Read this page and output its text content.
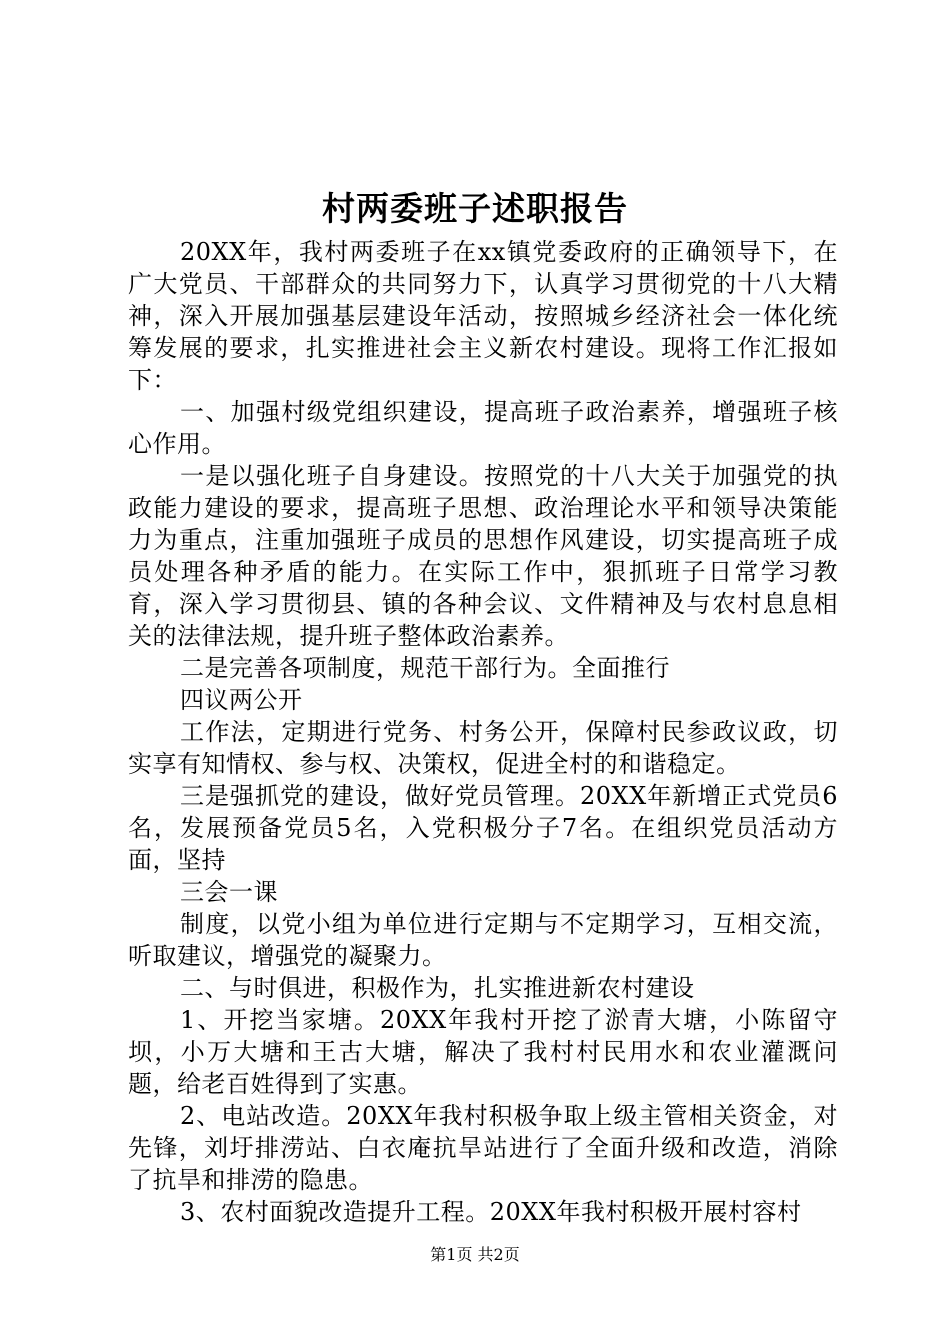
村两委班子述职报告

20XX年，我村两委班子在xx镇党委政府的正确领导下，在广大党员、干部群众的共同努力下，认真学习贯彻党的十八大精神，深入开展加强基层建设年活动，按照城乡经济社会一体化统筹发展的要求，扎实推进社会主义新农村建设。现将工作汇报如下：

一、加强村级党组织建设，提高班子政治素养，增强班子核心作用。

一是以强化班子自身建设。按照党的十八大关于加强党的执政能力建设的要求，提高班子思想、政治理论水平和领导决策能力为重点，注重加强班子成员的思想作风建设，切实提高班子成员处理各种矛盾的能力。在实际工作中，狠抓班子日常学习教育，深入学习贯彻县、镇的各种会议、文件精神及与农村息息相关的法律法规，提升班子整体政治素养。

二是完善各项制度，规范干部行为。全面推行

四议两公开

工作法，定期进行党务、村务公开，保障村民参政议政，切实享有知情权、参与权、决策权，促进全村的和谐稳定。

三是强抓党的建设，做好党员管理。20XX年新增正式党员6名，发展预备党员5名，入党积极分子7名。在组织党员活动方面，坚持

三会一课

制度，以党小组为单位进行定期与不定期学习，互相交流，听取建议，增强党的凝聚力。

二、与时俱进，积极作为，扎实推进新农村建设

1、开挖当家塘。20XX年我村开挖了淤青大塘，小陈留守坝，小万大塘和王古大塘，解决了我村村民用水和农业灌溉问题，给老百姓得到了实惠。

2、电站改造。20XX年我村积极争取上级主管相关资金，对先锋，刘圩排涝站、白衣庵抗旱站进行了全面升级和改造，消除了抗旱和排涝的隐患。

3、农村面貌改造提升工程。20XX年我村积极开展村容村

第1页 共2页
